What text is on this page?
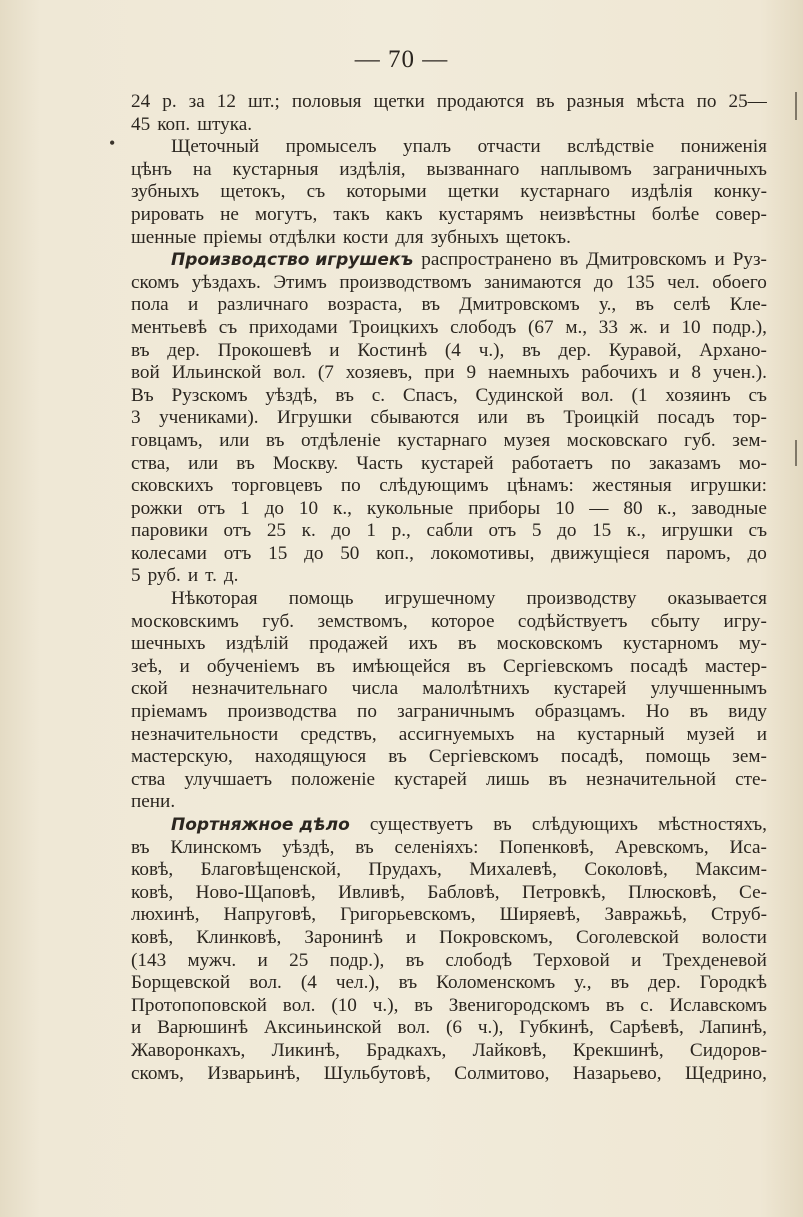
— 70 —
•
24 р. за 12 шт.; половыя щетки продаются въ разныя мѣста по 25—
45 коп. штука.
Щеточный промыселъ упалъ отчасти вслѣдствіе пониженія
цѣнъ на кустарныя издѣлія, вызваннаго наплывомъ заграничныхъ
зубныхъ щетокъ, съ которыми щетки кустарнаго издѣлія конку-
рировать не могутъ, такъ какъ кустарямъ неизвѣстны болѣе совер-
шенные пріемы отдѣлки кости для зубныхъ щетокъ.
Производство игрушекъ распространено въ Дмитровскомъ и Руз-
скомъ уѣздахъ. Этимъ производствомъ занимаются до 135 чел. обоего
пола и различнаго возраста, въ Дмитровскомъ у., въ селѣ Кле-
ментьевѣ съ приходами Троицкихъ слободъ (67 м., 33 ж. и 10 подр.),
въ дер. Прокошевѣ и Костинѣ (4 ч.), въ дер. Куравой, Архано-
вой Ильинской вол. (7 хозяевъ, при 9 наемныхъ рабочихъ и 8 учен.).
Въ Рузскомъ уѣздѣ, въ с. Спасъ, Судинской вол. (1 хозяинъ съ
3 учениками). Игрушки сбываются или въ Троицкій посадъ тор-
говцамъ, или въ отдѣленіе кустарнаго музея московскаго губ. зем-
ства, или въ Москву. Часть кустарей работаетъ по заказамъ мо-
сковскихъ торговцевъ по слѣдующимъ цѣнамъ: жестяныя игрушки:
рожки отъ 1 до 10 к., кукольные приборы 10 — 80 к., заводные
паровики отъ 25 к. до 1 р., сабли отъ 5 до 15 к., игрушки съ
колесами отъ 15 до 50 коп., локомотивы, движущіеся паромъ, до
5 руб. и т. д.
Нѣкоторая помощь игрушечному производству оказывается
московскимъ губ. земствомъ, которое содѣйствуетъ сбыту игру-
шечныхъ издѣлій продажей ихъ въ московскомъ кустарномъ му-
зеѣ, и обученіемъ въ имѣющейся въ Сергіевскомъ посадѣ мастер-
ской незначительнаго числа малолѣтнихъ кустарей улучшеннымъ
пріемамъ производства по заграничнымъ образцамъ. Но въ виду
незначительности средствъ, ассигнуемыхъ на кустарный музей и
мастерскую, находящуюся въ Сергіевскомъ посадѣ, помощь зем-
ства улучшаетъ положеніе кустарей лишь въ незначительной сте-
пени.
Портняжное дѣло существуетъ въ слѣдующихъ мѣстностяхъ,
въ Клинскомъ уѣздѣ, въ селеніяхъ: Попенковѣ, Аревскомъ, Иса-
ковѣ, Благовѣщенской, Прудахъ, Михалевѣ, Соколовѣ, Максим-
ковѣ, Ново-Щаповѣ, Ивливѣ, Бабловѣ, Петровкѣ, Плюсковѣ, Се-
люхинѣ, Напруговѣ, Григорьевскомъ, Ширяевѣ, Завражьѣ, Струб-
ковѣ, Клинковѣ, Зарoнинѣ и Покровскомъ, Соголевской волости
(143 мужч. и 25 подр.), въ слободѣ Терховой и Трехденевой
Борщевской вол. (4 чел.), въ Коломенскомъ у., въ дер. Городкѣ
Протопоповской вол. (10 ч.), въ Звенигородскомъ въ с. Иславскомъ
и Варюшинѣ Аксиньинской вол. (6 ч.), Губкинѣ, Сарѣевѣ, Лапинѣ,
Жаворонкахъ, Ликинѣ, Брадкахъ, Лайковѣ, Крекшинѣ, Сидоров-
скомъ, Изварьинѣ, Шульбутовѣ, Солмитово, Назарьево, Щедрино,
